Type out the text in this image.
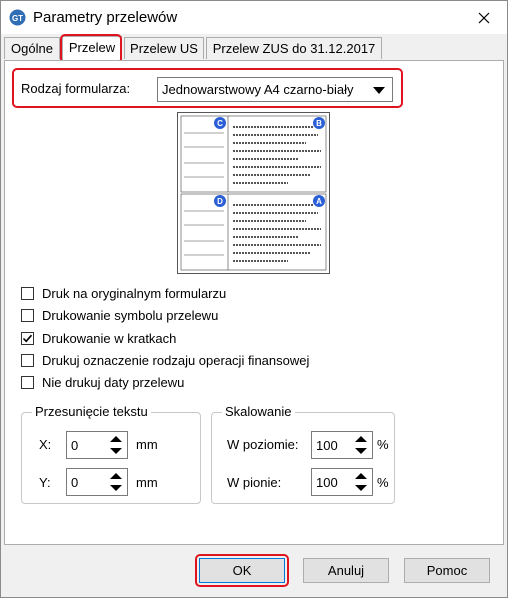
GT Parametry przelewów
Ogólne	Przelew	Przelew US	Przelew ZUS do 31.12.2017
Rodzaj formularza: Jednowarstwowy A4 czarno-biały
C	B
D	A
Druk na oryginalnym formularzu
Drukowanie symbolu przelewu
Drukowanie w kratkach
Drukuj oznaczenie rodzaju operacji finansowej
Nie drukuj daty przelewu
Przesunięcie tekstu
X: 0	mm
Y: 0	mm
Skalowanie
W poziomie: 100	%
W pionie:	100	%
OK	Anuluj	Pomoc
